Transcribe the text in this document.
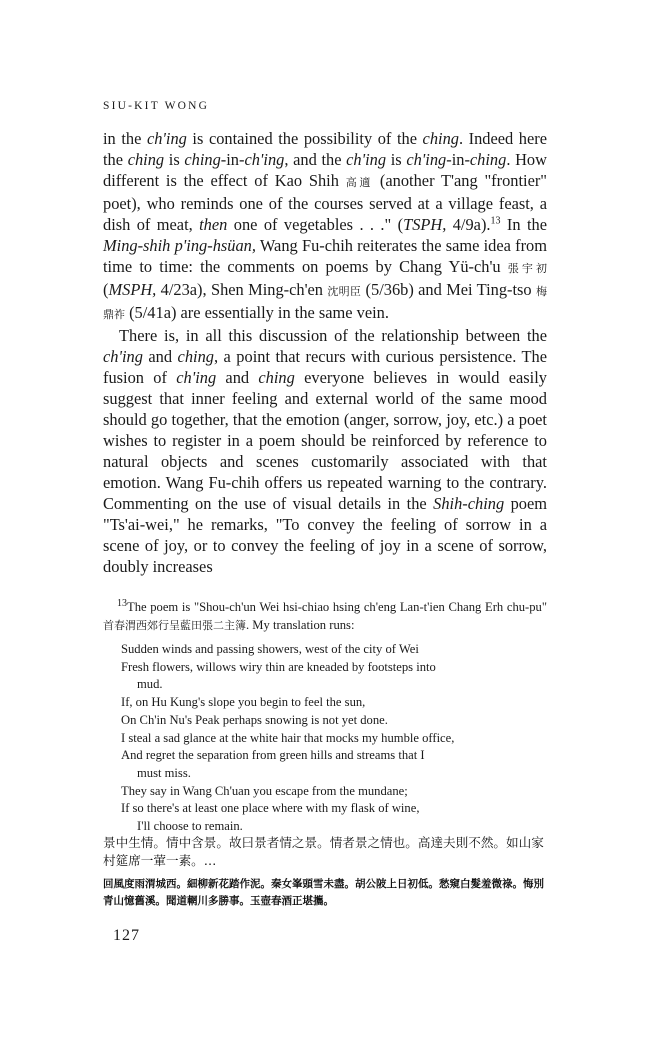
SIU-KIT WONG

in the ch'ing is contained the possibility of the ching. Indeed here the ching is ching-in-ch'ing, and the ch'ing is ch'ing-in-ching. How different is the effect of Kao Shih 高適 (another T'ang "frontier" poet), who reminds one of the courses served at a village feast, a dish of meat, then one of vegetables . . ." (TSPH, 4/9a).$^{13}$ In the Ming-shih p'ing-hsüan, Wang Fu-chih reiterates the same idea from time to time: the comments on poems by Chang Yü-ch'u 張宇初 (MSPH, 4/23a), Shen Ming-ch'en 沈明臣 (5/36b) and Mei Ting-tso 梅鼎祚 (5/41a) are essentially in the same vein.

There is, in all this discussion of the relationship between the ch'ing and ching, a point that recurs with curious persistence. The fusion of ch'ing and ching everyone believes in would easily suggest that inner feeling and external world of the same mood should go together, that the emotion (anger, sorrow, joy, etc.) a poet wishes to register in a poem should be reinforced by reference to natural objects and scenes customarily associated with that emotion. Wang Fu-chih offers us repeated warning to the contrary. Commenting on the use of visual details in the Shih-ching poem "Ts'ai-wei," he remarks, "To convey the feeling of sorrow in a scene of joy, or to convey the feeling of joy in a scene of sorrow, doubly increases

$^{13}$The poem is "Shou-ch'un Wei hsi-chiao hsing ch'eng Lan-t'ien Chang Erh chu-pu" 首春渭西郊行呈藍田張二主簿. My translation runs:

Sudden winds and passing showers, west of the city of Wei
Fresh flowers, willows wiry thin are kneaded by footsteps into
mud.
If, on Hu Kung's slope you begin to feel the sun,
On Ch'in Nu's Peak perhaps snowing is not yet done.
I steal a sad glance at the white hair that mocks my humble office,
And regret the separation from green hills and streams that I
must miss.
They say in Wang Ch'uan you escape from the mundane;
If so there's at least one place where with my flask of wine,
I'll choose to remain.
景中生情。情中含景。故曰景者情之景。情者景之情也。高達夫則不然。如山家村筵席一葷一素。…
回風度雨渭城西。細柳新花踏作泥。秦女峯頭雪未盡。胡公陂上日初低。愁窺白髮羞微祿。悔別青山憶舊溪。聞道輞川多勝事。玉壺春酒正堪攜。
127
